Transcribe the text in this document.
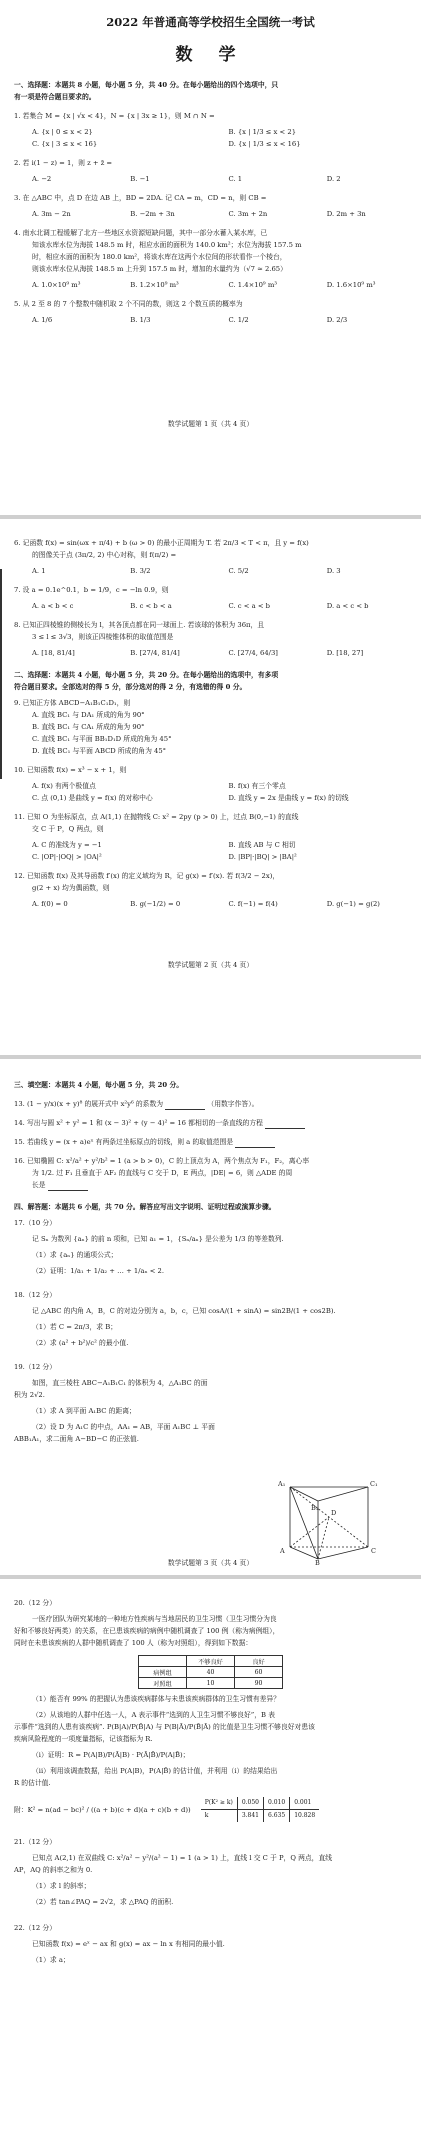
2022 年普通高等学校招生全国统一考试
数 学
一、选择题：本题共 8 小题，每小题 5 分，共 40 分。在每小题给出的四个选项中，只
有一项是符合题目要求的。
1. 若集合 M = {x | √x < 4}，N = {x | 3x ≥ 1}，则 M ∩ N =
A. {x | 0 ≤ x < 2}	B. {x | 1/3 ≤ x < 2}
C. {x | 3 ≤ x < 16}	D. {x | 1/3 ≤ x < 16}
2. 若 i(1 − z) = 1，则 z + z̄ =
A. −2	B. −1	C. 1	D. 2
3. 在 △ABC 中，点 D 在边 AB 上，BD = 2DA. 记 CA = m，CD = n，则 CB =
A. 3m − 2n	B. −2m + 3n	C. 3m + 2n	D. 2m + 3n
4. 南水北调工程缓解了北方一些地区水资源短缺问题，其中一部分水蓄入某水库，已
知该水库水位为海拔 148.5 m 时，相应水面的面积为 140.0 km²；水位为海拔 157.5 m
时，相应水面的面积为 180.0 km²，将该水库在这两个水位间的形状看作一个棱台，
则该水库水位从海拔 148.5 m 上升到 157.5 m 时，增加的水量约为（√7 ≈ 2.65）
A. 1.0×10⁹ m³	B. 1.2×10⁹ m³	C. 1.4×10⁹ m³	D. 1.6×10⁹ m³
5. 从 2 至 8 的 7 个整数中随机取 2 个不同的数，则这 2 个数互质的概率为
A. 1/6	B. 1/3	C. 1/2	D. 2/3
数学试题第 1 页（共 4 页）
6. 记函数 f(x) = sin(ωx + π/4) + b (ω > 0) 的最小正周期为 T. 若 2π/3 < T < π，且 y = f(x)
的图像关于点 (3π/2, 2) 中心对称，则 f(π/2) =
A. 1	B. 3/2	C. 5/2	D. 3
7. 设 a = 0.1e^0.1，b = 1/9，c = −ln 0.9，则
A. a < b < c	B. c < b < a	C. c < a < b	D. a < c < b
8. 已知正四棱锥的侧棱长为 l，其各顶点都在同一球面上. 若该球的体积为 36π，且
3 ≤ l ≤ 3√3，则该正四棱锥体积的取值范围是
A. [18, 81/4]	B. [27/4, 81/4]	C. [27/4, 64/3]	D. [18, 27]
二、选择题：本题共 4 小题，每小题 5 分，共 20 分。在每小题给出的选项中，有多项
符合题目要求。全部选对的得 5 分，部分选对的得 2 分，有选错的得 0 分。
9. 已知正方体 ABCD−A₁B₁C₁D₁，则
A. 直线 BC₁ 与 DA₁ 所成的角为 90°
B. 直线 BC₁ 与 CA₁ 所成的角为 90°
C. 直线 BC₁ 与平面 BB₁D₁D 所成的角为 45°
D. 直线 BC₁ 与平面 ABCD 所成的角为 45°
10. 已知函数 f(x) = x³ − x + 1，则
A. f(x) 有两个极值点	B. f(x) 有三个零点
C. 点 (0,1) 是曲线 y = f(x) 的对称中心	D. 直线 y = 2x 是曲线 y = f(x) 的切线
11. 已知 O 为坐标原点，点 A(1,1) 在抛物线 C: x² = 2py (p > 0) 上，过点 B(0,−1) 的直线
交 C 于 P，Q 两点，则
A. C 的准线为 y = −1	B. 直线 AB 与 C 相切
C. |OP|·|OQ| > |OA|²	D. |BP|·|BQ| > |BA|²
12. 已知函数 f(x) 及其导函数 f′(x) 的定义域均为 R，记 g(x) = f′(x). 若 f(3/2 − 2x)，
g(2 + x) 均为偶函数，则
A. f(0) = 0	B. g(−1/2) = 0	C. f(−1) = f(4)	D. g(−1) = g(2)
数学试题第 2 页（共 4 页）
三、填空题：本题共 4 小题，每小题 5 分，共 20 分。
13. (1 − y/x)(x + y)⁸ 的展开式中 x²y⁶ 的系数为	（用数字作答）。
14. 写出与圆 x² + y² = 1 和 (x − 3)² + (y − 4)² = 16 都相切的一条直线的方程
15. 若曲线 y = (x + a)eˣ 有两条过坐标原点的切线，则 a 的取值范围是
16. 已知椭圆 C: x²/a² + y²/b² = 1 (a > b > 0)，C 的上顶点为 A，两个焦点为 F₁，F₂，离心率
为 1/2. 过 F₁ 且垂直于 AF₂ 的直线与 C 交于 D，E 两点，|DE| = 6，则 △ADE 的周
长是
四、解答题：本题共 6 小题，共 70 分。解答应写出文字说明、证明过程或演算步骤。
17.（10 分）
记 Sₙ 为数列 {aₙ} 的前 n 项和，已知 a₁ = 1，{Sₙ/aₙ} 是公差为 1/3 的等差数列.
（1）求 {aₙ} 的通项公式；
（2）证明：1/a₁ + 1/a₂ + … + 1/aₙ < 2.
18.（12 分）
记 △ABC 的内角 A，B，C 的对边分别为 a，b，c，已知 cosA/(1 + sinA) = sin2B/(1 + cos2B).
（1）若 C = 2π/3，求 B；
（2）求 (a² + b²)/c² 的最小值.
19.（12 分）
如图，直三棱柱 ABC−A₁B₁C₁ 的体积为 4，△A₁BC 的面
积为 2√2.
（1）求 A 到平面 A₁BC 的距离；
（2）设 D 为 A₁C 的中点，AA₁ = AB，平面 A₁BC ⊥ 平面
ABB₁A₁，求二面角 A−BD−C 的正弦值.
A₁
B₁
C₁
D
A
B
C
数学试题第 3 页（共 4 页）
20.（12 分）
一医疗团队为研究某地的一种地方性疾病与当地居民的卫生习惯（卫生习惯分为良
好和不够良好两类）的关系，在已患该疾病的病例中随机调查了 100 例（称为病例组），
同时在未患该疾病的人群中随机调查了 100 人（称为对照组），得到如下数据：
	不够良好	良好
病例组	40	60
对照组	10	90
（1）能否有 99% 的把握认为患该疾病群体与未患该疾病群体的卫生习惯有差异？
（2）从该地的人群中任选一人，A 表示事件“选到的人卫生习惯不够良好”，B 表
示事件“选到的人患有该疾病”. P(B|A)/P(B̄|A) 与 P(B|Ā)/P(B̄|Ā) 的比值是卫生习惯不够良好对患该
疾病风险程度的一项度量指标，记该指标为 R.
（i）证明：R = P(A|B)/P(Ā|B) · P(Ā|B̄)/P(A|B̄)；
（ii）利用该调查数据，给出 P(A|B)，P(A|B̄) 的估计值，并利用（i）的结果给出
R 的估计值.
附：K² = n(ad − bc)² / ((a + b)(c + d)(a + c)(b + d))
P(K² ≥ k)	0.050	0.010	0.001
k	3.841	6.635	10.828
21.（12 分）
已知点 A(2,1) 在双曲线 C: x²/a² − y²/(a² − 1) = 1 (a > 1) 上，直线 l 交 C 于 P，Q 两点，直线
AP，AQ 的斜率之和为 0.
（1）求 l 的斜率；
（2）若 tan∠PAQ = 2√2，求 △PAQ 的面积.
22.（12 分）
已知函数 f(x) = eˣ − ax 和 g(x) = ax − ln x 有相同的最小值.
（1）求 a；
